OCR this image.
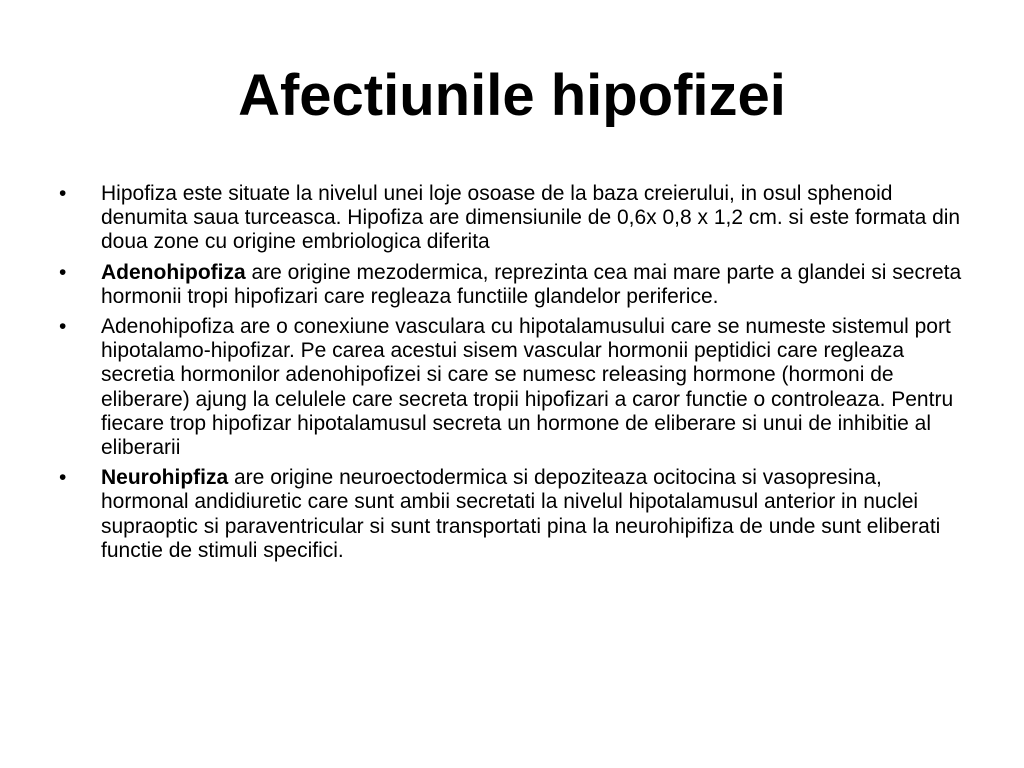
Afectiunile hipofizei
•	Hipofiza este situate la nivelul unei loje osoase de la baza creierului, in osul sphenoid denumita saua turceasca. Hipofiza are dimensiunile de 0,6x 0,8 x 1,2 cm. si este formata din doua zone cu origine embriologica diferita
•	Adenohipofiza are origine mezodermica, reprezinta cea mai mare parte a glandei si secreta hormonii tropi hipofizari care regleaza functiile glandelor periferice.
•	Adenohipofiza are o conexiune vasculara cu hipotalamusului care se numeste sistemul port hipotalamo-hipofizar. Pe carea acestui sisem vascular hormonii peptidici care regleaza secretia hormonilor adenohipofizei si care se numesc releasing hormone (hormoni de eliberare) ajung la celulele care secreta tropii hipofizari a caror functie o controleaza. Pentru fiecare trop hipofizar hipotalamusul secreta un hormone de eliberare si unui de inhibitie al eliberarii
•	Neurohipfiza are origine neuroectodermica si depoziteaza ocitocina si vasopresina, hormonal andidiuretic care sunt ambii secretati la nivelul hipotalamusul anterior in nuclei supraoptic si paraventricular si sunt transportati pina la neurohipifiza de unde sunt eliberati functie de stimuli specifici.
